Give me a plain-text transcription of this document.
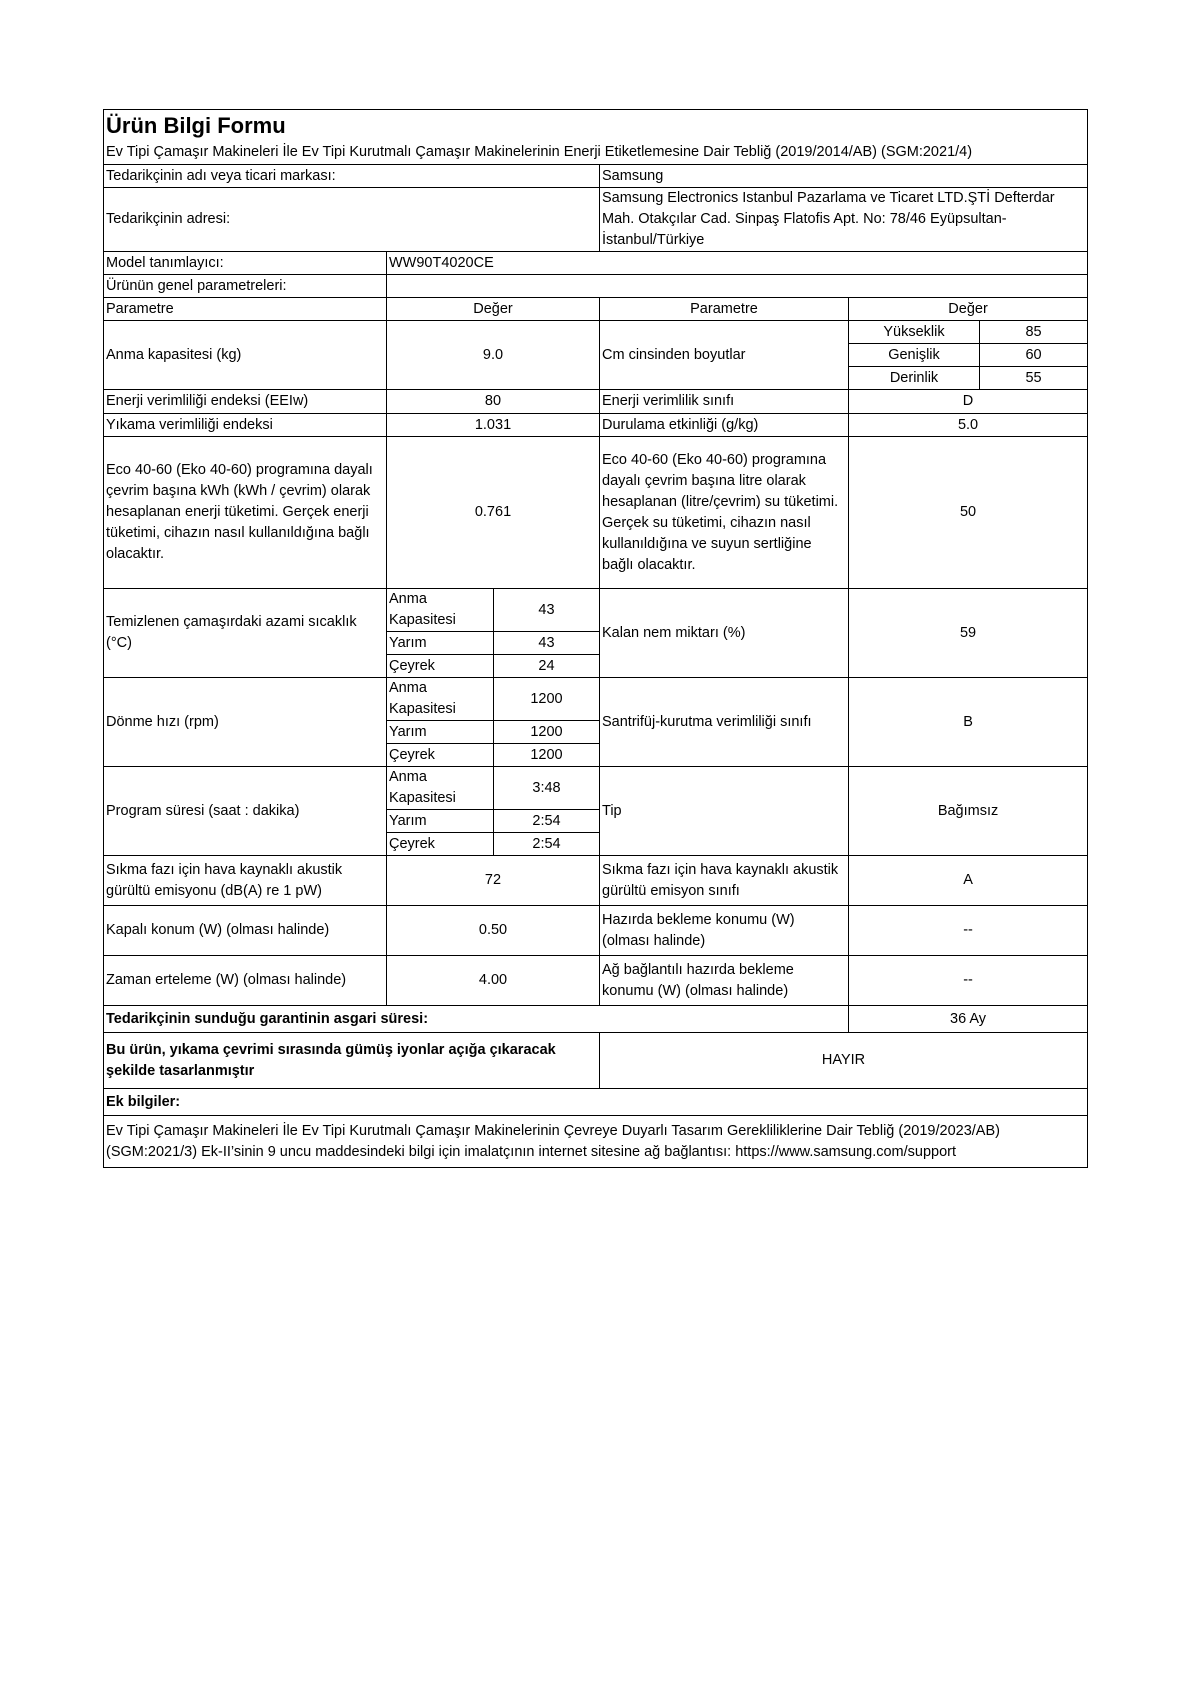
Ürün Bilgi Formu					
Ev Tipi Çamaşır Makineleri İle Ev Tipi Kurutmalı Çamaşır Makinelerinin Enerji Etiketlemesine Dair Tebliğ (2019/2014/AB) (SGM:2021/4)					
Tedarikçinin adı veya ticari markası:			Samsung		
Tedarikçinin adresi:			Samsung Electronics Istanbul Pazarlama ve Ticaret LTD.ŞTİ Defterdar Mah. Otakçılar Cad. Sinpaş Flatofis Apt. No: 78/46 Eyüpsultan-İstanbul/Türkiye		
Model tanımlayıcı:	WW90T4020CE				
Ürünün genel parametreleri:					
Parametre	Değer		Parametre	Değer	
Anma kapasitesi (kg)	9.0		Cm cinsinden boyutlar	Yükseklik	85
				Genişlik	60
				Derinlik	55
Enerji verimliliği endeksi (EEIw)	80		Enerji verimlilik sınıfı	D	
Yıkama verimliliği endeksi	1.031		Durulama etkinliği (g/kg)	5.0	
Eco 40-60 (Eko 40-60) programına dayalı çevrim başına kWh (kWh / çevrim) olarak hesaplanan enerji tüketimi. Gerçek enerji tüketimi, cihazın nasıl kullanıldığına bağlı olacaktır.	0.761		Eco 40-60 (Eko 40-60) programına dayalı çevrim başına litre olarak hesaplanan (litre/çevrim) su tüketimi. Gerçek su tüketimi, cihazın nasıl kullanıldığına ve suyun sertliğine bağlı olacaktır.	50	
Temizlenen çamaşırdaki azami sıcaklık (°C)	Anma Kapasitesi	43	Kalan nem miktarı (%)	59	
	Yarım	43			
	Çeyrek	24			
Dönme hızı (rpm)	Anma Kapasitesi	1200	Santrifüj-kurutma verimliliği sınıfı	B	
	Yarım	1200			
	Çeyrek	1200			
Program süresi (saat : dakika)	Anma Kapasitesi	3:48	Tip	Bağımsız	
	Yarım	2:54			
	Çeyrek	2:54			
Sıkma fazı için hava kaynaklı akustik gürültü emisyonu (dB(A) re 1 pW)	72		Sıkma fazı için hava kaynaklı akustik gürültü emisyon sınıfı	A	
Kapalı konum (W) (olması halinde)	0.50		Hazırda bekleme konumu (W) (olması halinde)	--	
Zaman erteleme (W) (olması halinde)	4.00		Ağ bağlantılı hazırda bekleme konumu (W) (olması halinde)	--	
Tedarikçinin sunduğu garantinin asgari süresi:				36 Ay	
Bu ürün, yıkama çevrimi sırasında gümüş iyonlar açığa çıkaracak şekilde tasarlanmıştır			HAYIR		
Ek bilgiler:					
Ev Tipi Çamaşır Makineleri İle Ev Tipi Kurutmalı Çamaşır Makinelerinin Çevreye Duyarlı Tasarım Gerekliliklerine Dair Tebliğ (2019/2023/AB) (SGM:2021/3) Ek-II’sinin 9 uncu maddesindeki bilgi için imalatçının internet sitesine ağ bağlantısı: https://www.samsung.com/support					
